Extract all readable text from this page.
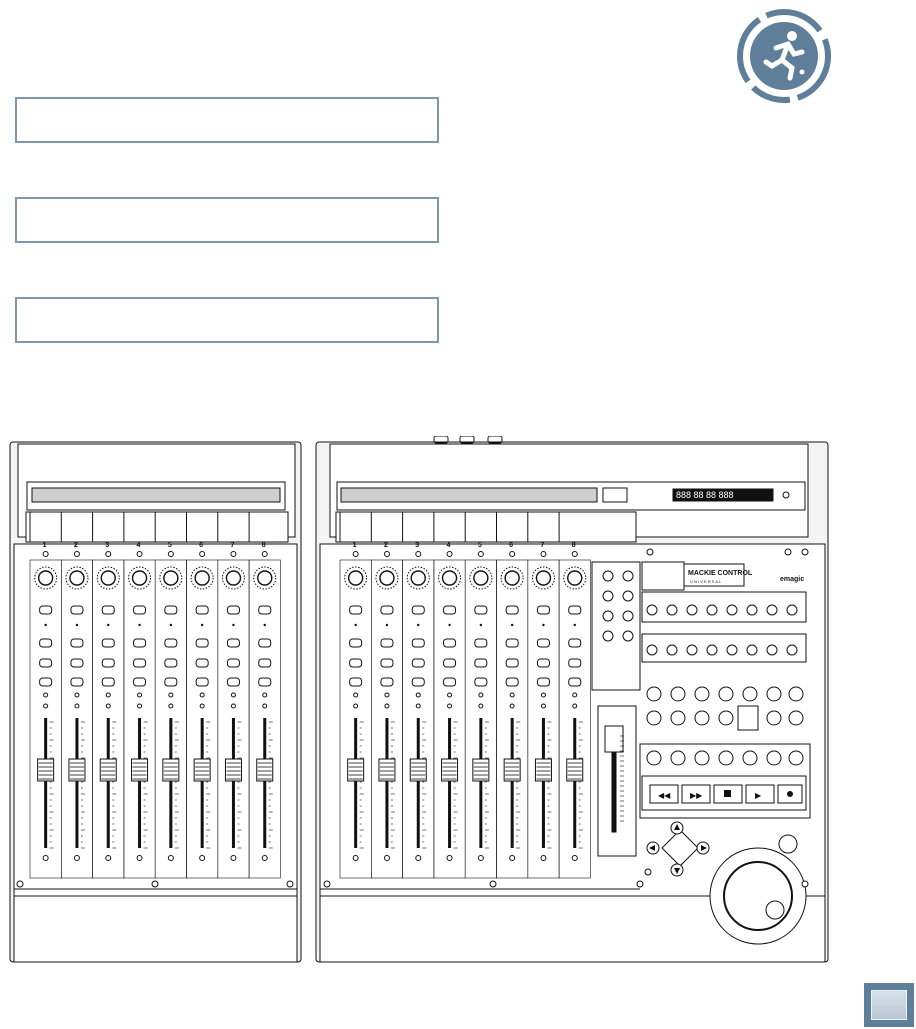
1	2	3	4	5	6	7	8	1	2	3	4	5	6	7	8
MACKIE CONTROL
U N I V E R S A L	emagic
888 88 88 888
◀◀ ▶▶	▶
